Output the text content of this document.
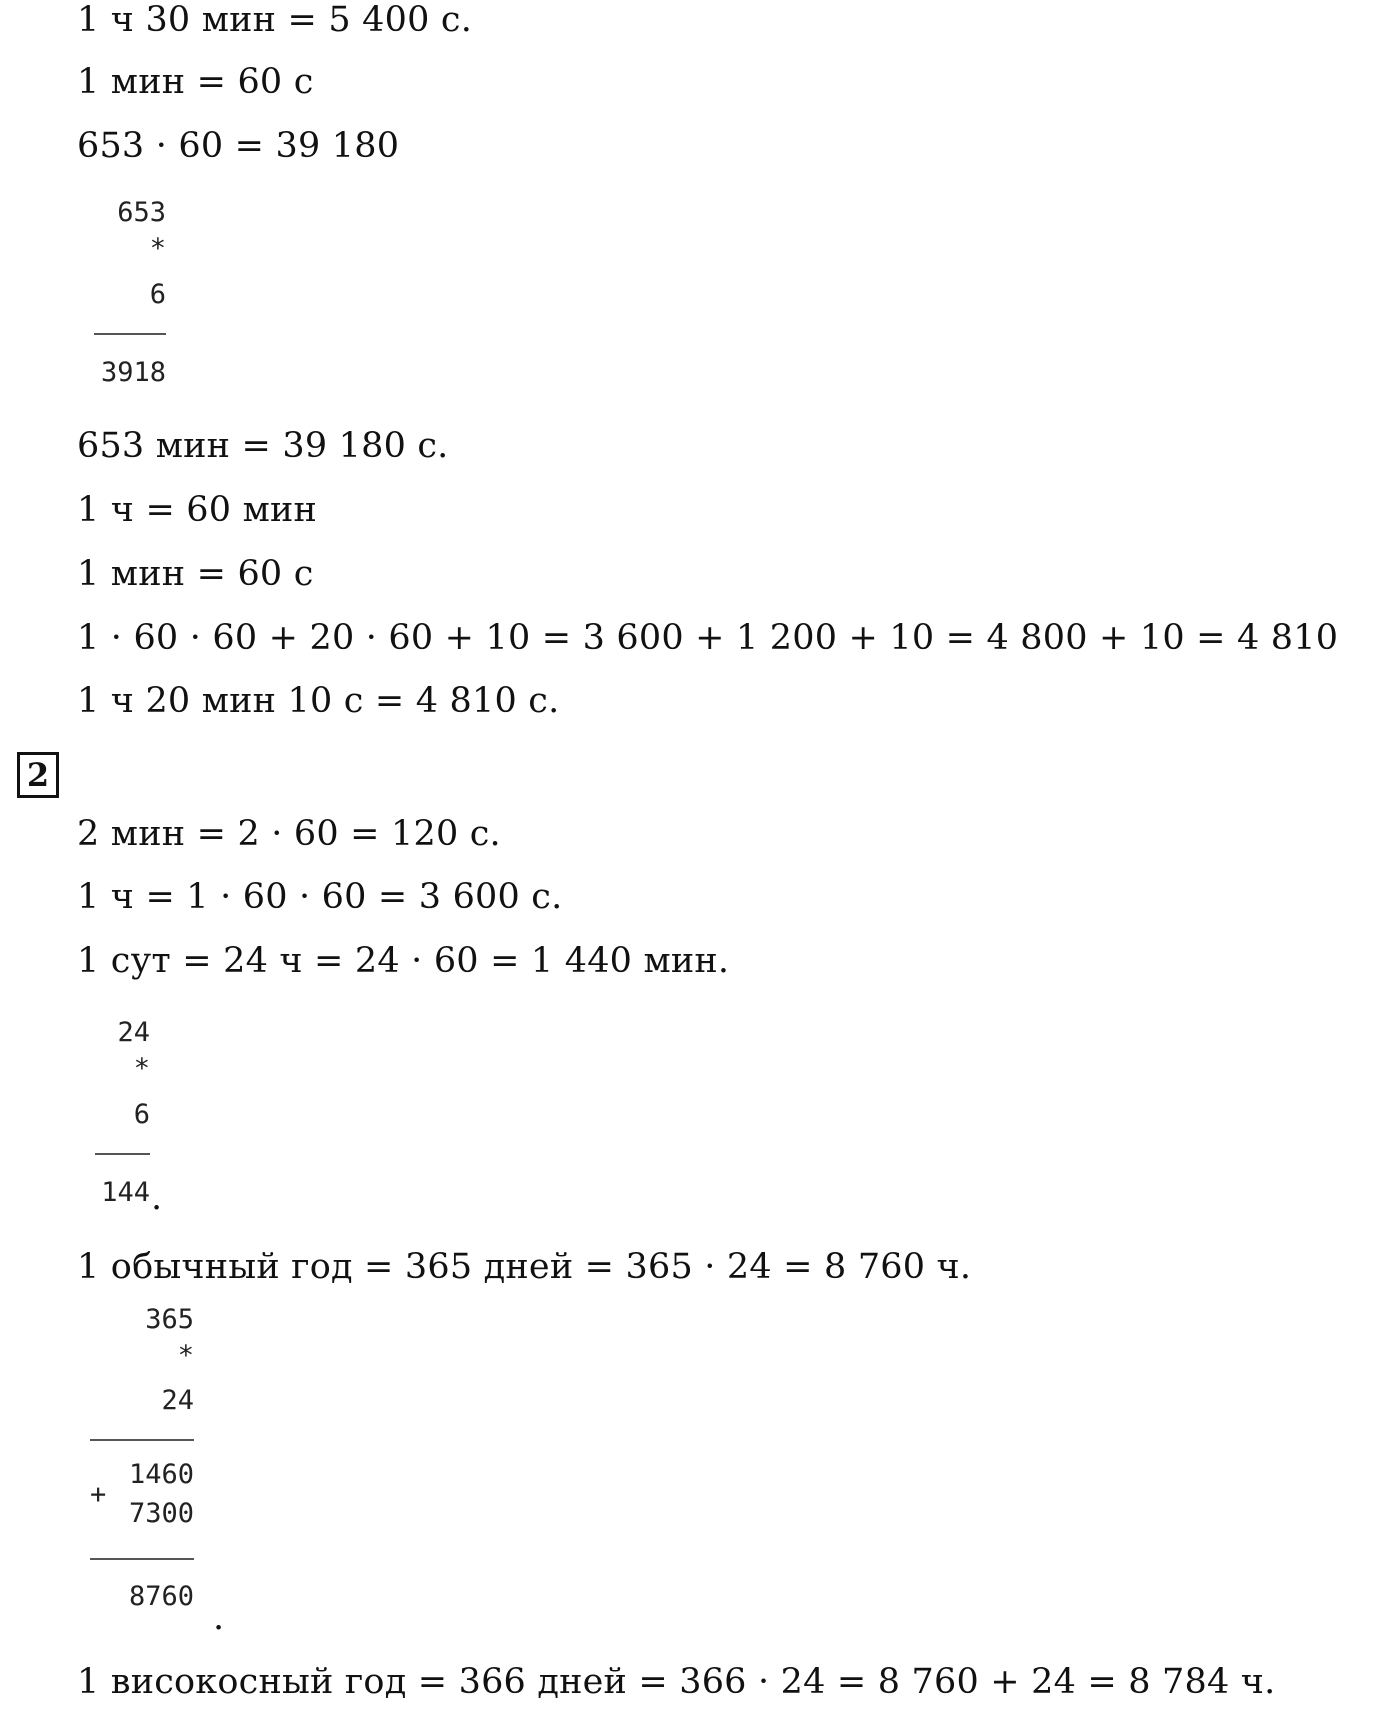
1 ч 30 мин = 5 400 с.
1 мин = 60 с
653 · 60 = 39 180

653

*

6

3918

653 мин = 39 180 с.
1 ч = 60 мин
1 мин = 60 с
1 · 60 · 60 + 20 · 60 + 10 = 3 600 + 1 200 + 10 = 4 800 + 10 = 4 810
1 ч 20 мин 10 с = 4 810 с.
2
2 мин = 2 · 60 = 120 с.
1 ч = 1 · 60 · 60 = 3 600 с.
1 сут = 24 ч = 24 · 60 = 1 440 мин.

24

*

6

144 .
1 обычный год = 365 дней = 365 · 24 = 8 760 ч.

365

*

24

+

1460

7300

8760

.
1 високосный год = 366 дней = 366 · 24 = 8 760 + 24 = 8 784 ч.
